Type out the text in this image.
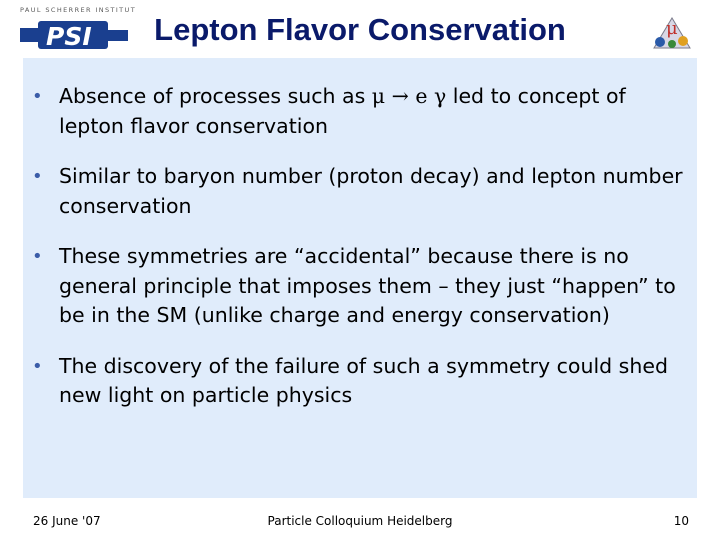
PAUL SCHERRER INSTITUT
PSI	Lepton Flavor Conservation	μ
• Absence of processes such as μ → e γ led to concept of lepton flavor conservation
• Similar to baryon number (proton decay) and lepton number conservation
• These symmetries are “accidental” because there is no general principle that imposes them – they just “happen” to be in the SM (unlike charge and energy conservation)
• The discovery of the failure of such a symmetry could shed new light on particle physics
26 June '07	Particle Colloquium Heidelberg	10
